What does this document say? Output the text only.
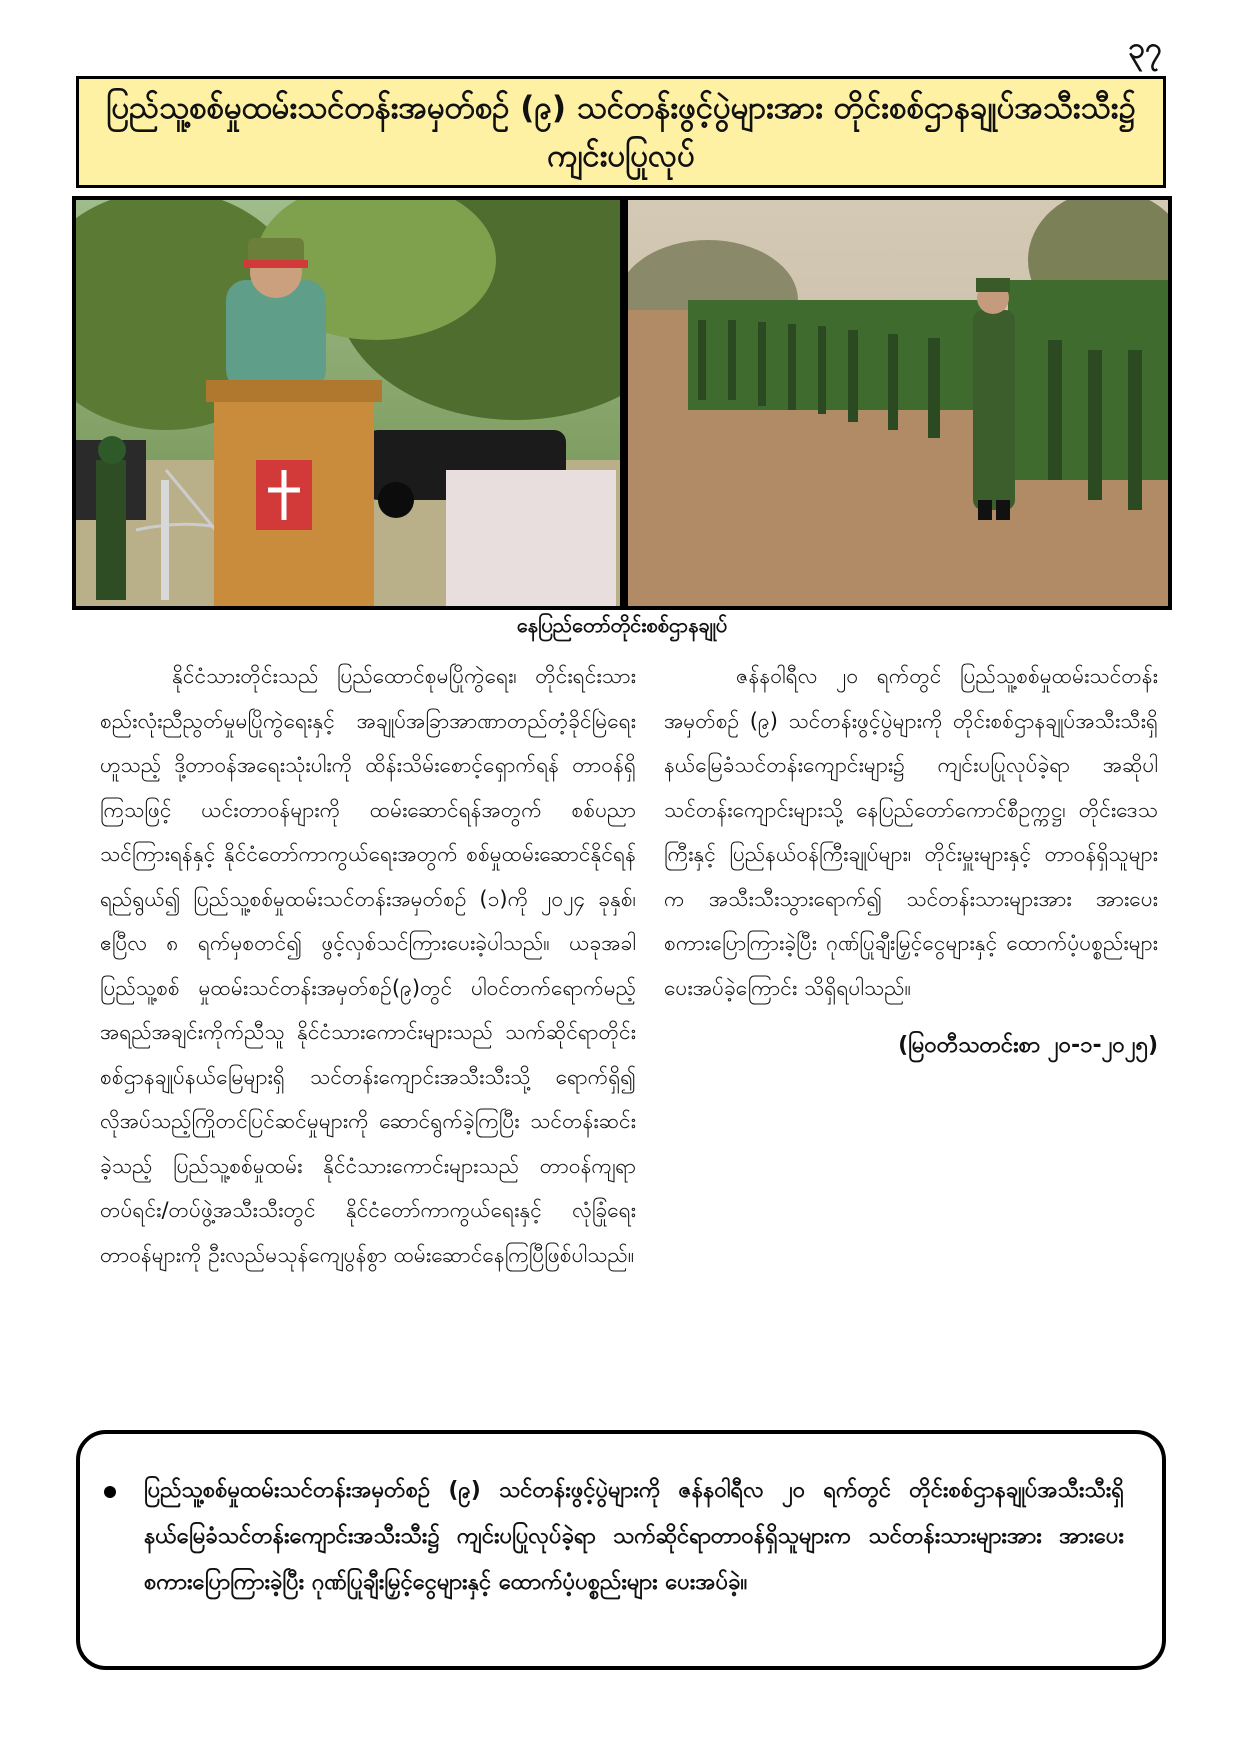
၃၇
ပြည်သူ့စစ်မှုထမ်းသင်တန်းအမှတ်စဉ် (၉) သင်တန်းဖွင့်ပွဲများအား တိုင်းစစ်ဌာနချုပ်အသီးသီး၌ ကျင်းပပြုလုပ်
နေပြည်တော်တိုင်းစစ်ဌာနချုပ်

နိုင်ငံသားတိုင်းသည် ပြည်ထောင်စုမပြိုကွဲရေး၊ တိုင်းရင်းသားစည်းလုံးညီညွတ်မှုမပြိုကွဲရေးနှင့် အချုပ်အခြာအာဏာတည်တံ့ခိုင်မြဲရေးဟူသည့် ဒို့တာဝန်အရေးသုံးပါးကို ထိန်းသိမ်းစောင့်ရှောက်ရန် တာဝန်ရှိကြသဖြင့် ယင်းတာဝန်များကို ထမ်းဆောင်ရန်အတွက် စစ်ပညာသင်ကြားရန်နှင့် နိုင်ငံတော်ကာကွယ်ရေးအတွက် စစ်မှုထမ်းဆောင်နိုင်ရန် ရည်ရွယ်၍ ပြည်သူ့စစ်မှုထမ်းသင်တန်းအမှတ်စဉ် (၁)ကို ၂၀၂၄ ခုနှစ်၊ ဧပြီလ ၈ ရက်မှစတင်၍ ဖွင့်လှစ်သင်ကြားပေးခဲ့ပါသည်။ ယခုအခါ ပြည်သူ့စစ် မှုထမ်းသင်တန်းအမှတ်စဉ်(၉)တွင် ပါဝင်တက်ရောက်မည့် အရည်အချင်းကိုက်ညီသူ နိုင်ငံသားကောင်းများသည် သက်ဆိုင်ရာတိုင်းစစ်ဌာနချုပ်နယ်မြေများရှိ သင်တန်းကျောင်းအသီးသီးသို့ ရောက်ရှိ၍ လိုအပ်သည့်ကြိုတင်ပြင်ဆင်မှုများကို ဆောင်ရွက်ခဲ့ကြပြီး သင်တန်းဆင်းခဲ့သည့် ပြည်သူ့စစ်မှုထမ်း နိုင်ငံသားကောင်းများသည် တာဝန်ကျရာ တပ်ရင်း/တပ်ဖွဲ့အသီးသီးတွင် နိုင်ငံတော်ကာကွယ်ရေးနှင့် လုံခြုံရေးတာဝန်များကို ဦးလည်မသုန်ကျေပွန်စွာ ထမ်းဆောင်နေကြပြီဖြစ်ပါသည်။

ဇန်နဝါရီလ ၂၀ ရက်တွင် ပြည်သူ့စစ်မှုထမ်းသင်တန်းအမှတ်စဉ် (၉) သင်တန်းဖွင့်ပွဲများကို တိုင်းစစ်ဌာနချုပ်အသီးသီးရှိ နယ်မြေခံသင်တန်းကျောင်းများ၌ ကျင်းပပြုလုပ်ခဲ့ရာ အဆိုပါသင်တန်းကျောင်းများသို့ နေပြည်တော်ကောင်စီဥက္ကဋ္ဌ၊ တိုင်းဒေသကြီးနှင့် ပြည်နယ်ဝန်ကြီးချုပ်များ၊ တိုင်းမှူးများနှင့် တာဝန်ရှိသူများက အသီးသီးသွားရောက်၍ သင်တန်းသားများအား အားပေးစကားပြောကြားခဲ့ပြီး ဂုဏ်ပြုချီးမြှင့်ငွေများနှင့် ထောက်ပံ့ပစ္စည်းများ ပေးအပ်ခဲ့ကြောင်း သိရှိရပါသည်။

(မြဝတီသတင်းစာ ၂၀-၁-၂၀၂၅)

ပြည်သူ့စစ်မှုထမ်းသင်တန်းအမှတ်စဉ် (၉) သင်တန်းဖွင့်ပွဲများကို ဇန်နဝါရီလ ၂၀ ရက်တွင် တိုင်းစစ်ဌာနချုပ်အသီးသီးရှိ နယ်မြေခံသင်တန်းကျောင်းအသီးသီး၌ ကျင်းပပြုလုပ်ခဲ့ရာ သက်ဆိုင်ရာတာဝန်ရှိသူများက သင်တန်းသားများအား အားပေးစကားပြောကြားခဲ့ပြီး ဂုဏ်ပြုချီးမြှင့်ငွေများနှင့် ထောက်ပံ့ပစ္စည်းများ ပေးအပ်ခဲ့။
